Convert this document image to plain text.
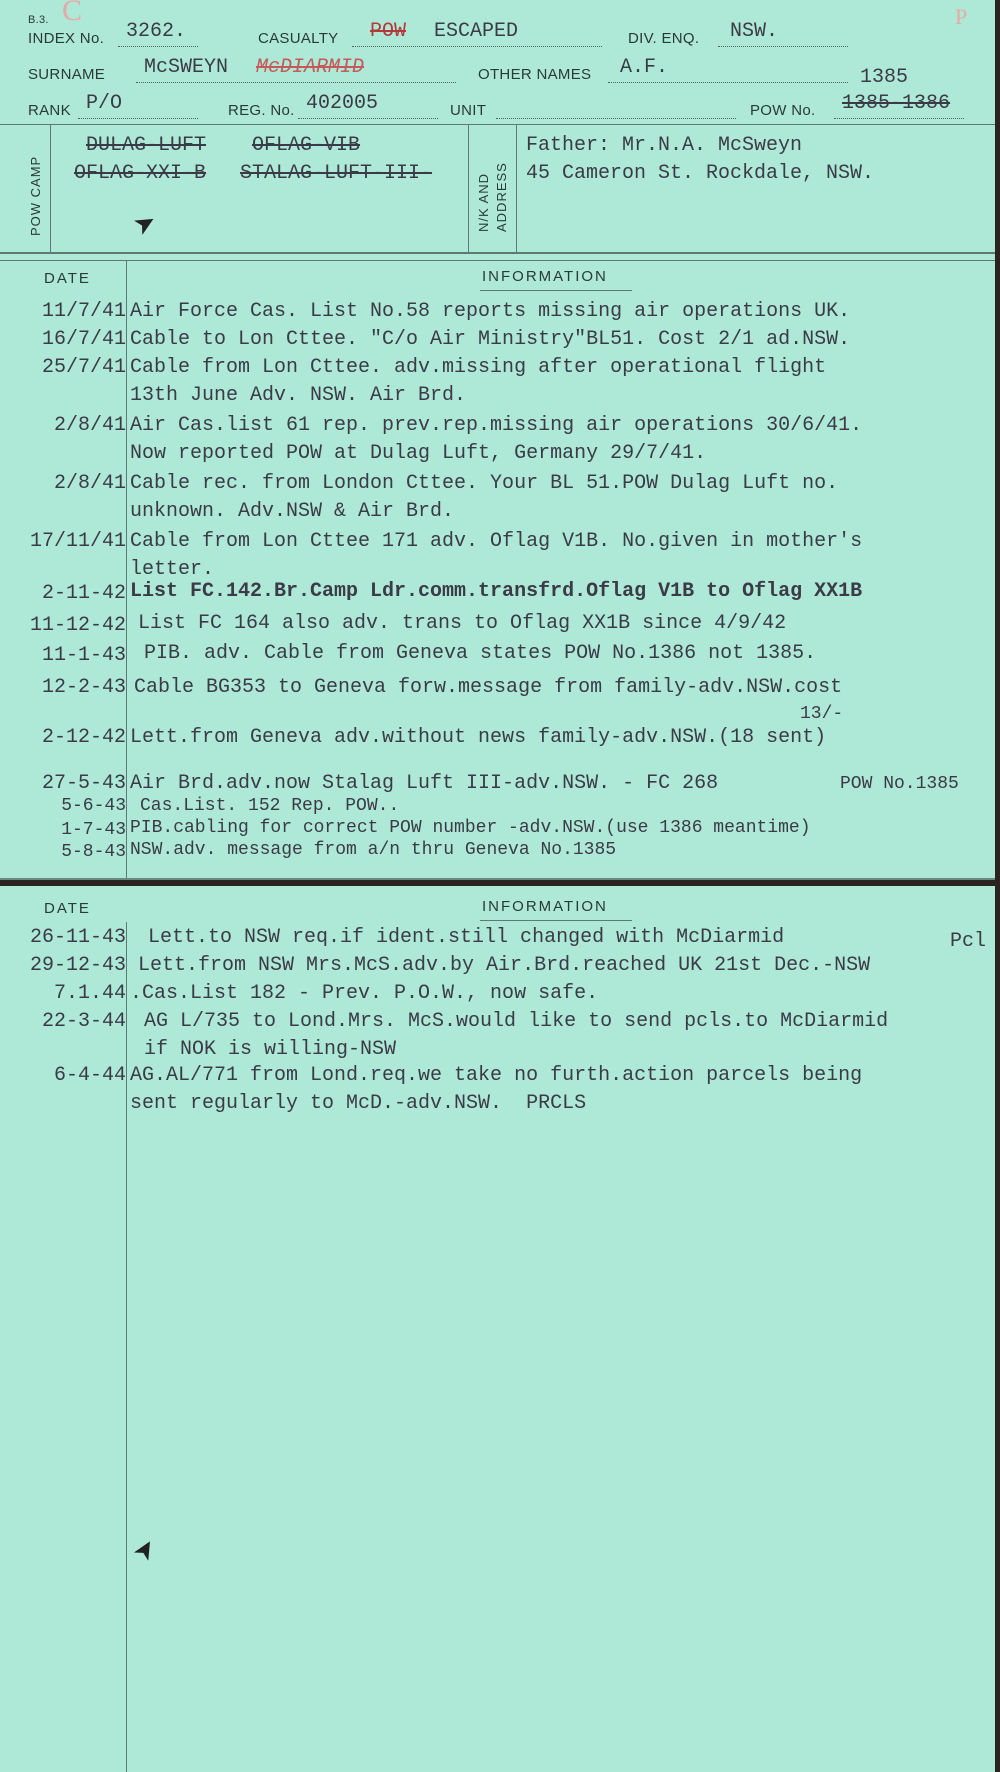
C	P
B.3.
INDEX No. 3262.	CASUALTY POW ESCAPED	DIV. ENQ. NSW.
SURNAME McSWEYN McDIARMID	OTHER NAMES A.F.	1385
RANK P/O	REG. No. 402005	UNIT	POW No. 1385-1386
POW CAMP
DULAG-LUFT OFLAG-VIB
OFLAG-XXI-B STALAG-LUFT-III-
➤	N/K AND ADDRESS
Father: Mr.N.A. McSweyn
45 Cameron St. Rockdale, NSW.
DATE	INFORMATION
11/7/41 Air Force Cas. List No.58 reports missing air operations UK.
16/7/41 Cable to Lon Cttee. "C/o Air Ministry"BL51. Cost 2/1 ad.NSW.
25/7/41 Cable from Lon Cttee. adv.missing after operational flight
13th June Adv. NSW. Air Brd.
2/8/41 Air Cas.list 61 rep. prev.rep.missing air operations 30/6/41.
Now reported POW at Dulag Luft, Germany 29/7/41.
2/8/41 Cable rec. from London Cttee. Your BL 51.POW Dulag Luft no.
unknown. Adv.NSW & Air Brd.
17/11/41 Cable from Lon Cttee 171 adv. Oflag V1B. No.given in mother's
letter.
2-11-42 List FC.142.Br.Camp Ldr.comm.transfrd.Oflag V1B to Oflag XX1B
11-12-42 List FC 164 also adv. trans to Oflag XX1B since 4/9/42
11-1-43 PIB. adv. Cable from Geneva states POW No.1386 not 1385.
12-2-43 Cable BG353 to Geneva forw.message from family-adv.NSW.cost
13/-
2-12-42 Lett.from Geneva adv.without news family-adv.NSW.(18 sent)
27-5-43 Air Brd.adv.now Stalag Luft III-adv.NSW. - FC 268	POW No.1385
5-6-43 Cas.List. 152 Rep. POW..
1-7-43 PIB.cabling for correct POW number -adv.NSW.(use 1386 meantime)
5-8-43 NSW.adv. message from a/n thru Geneva No.1385
DATE	INFORMATION
26-11-43 Lett.to NSW req.if ident.still changed with McDiarmid	Pcl
29-12-43 Lett.from NSW Mrs.McS.adv.by Air.Brd.reached UK 21st Dec.-NSW
7.1.44 .Cas.List 182 - Prev. P.O.W., now safe.
22-3-44 AG L/735 to Lond.Mrs. McS.would like to send pcls.to McDiarmid
if NOK is willing-NSW
6-4-44 AG.AL/771 from Lond.req.we take no furth.action parcels being
sent regularly to McD.-adv.NSW.  PRCLS
➤
